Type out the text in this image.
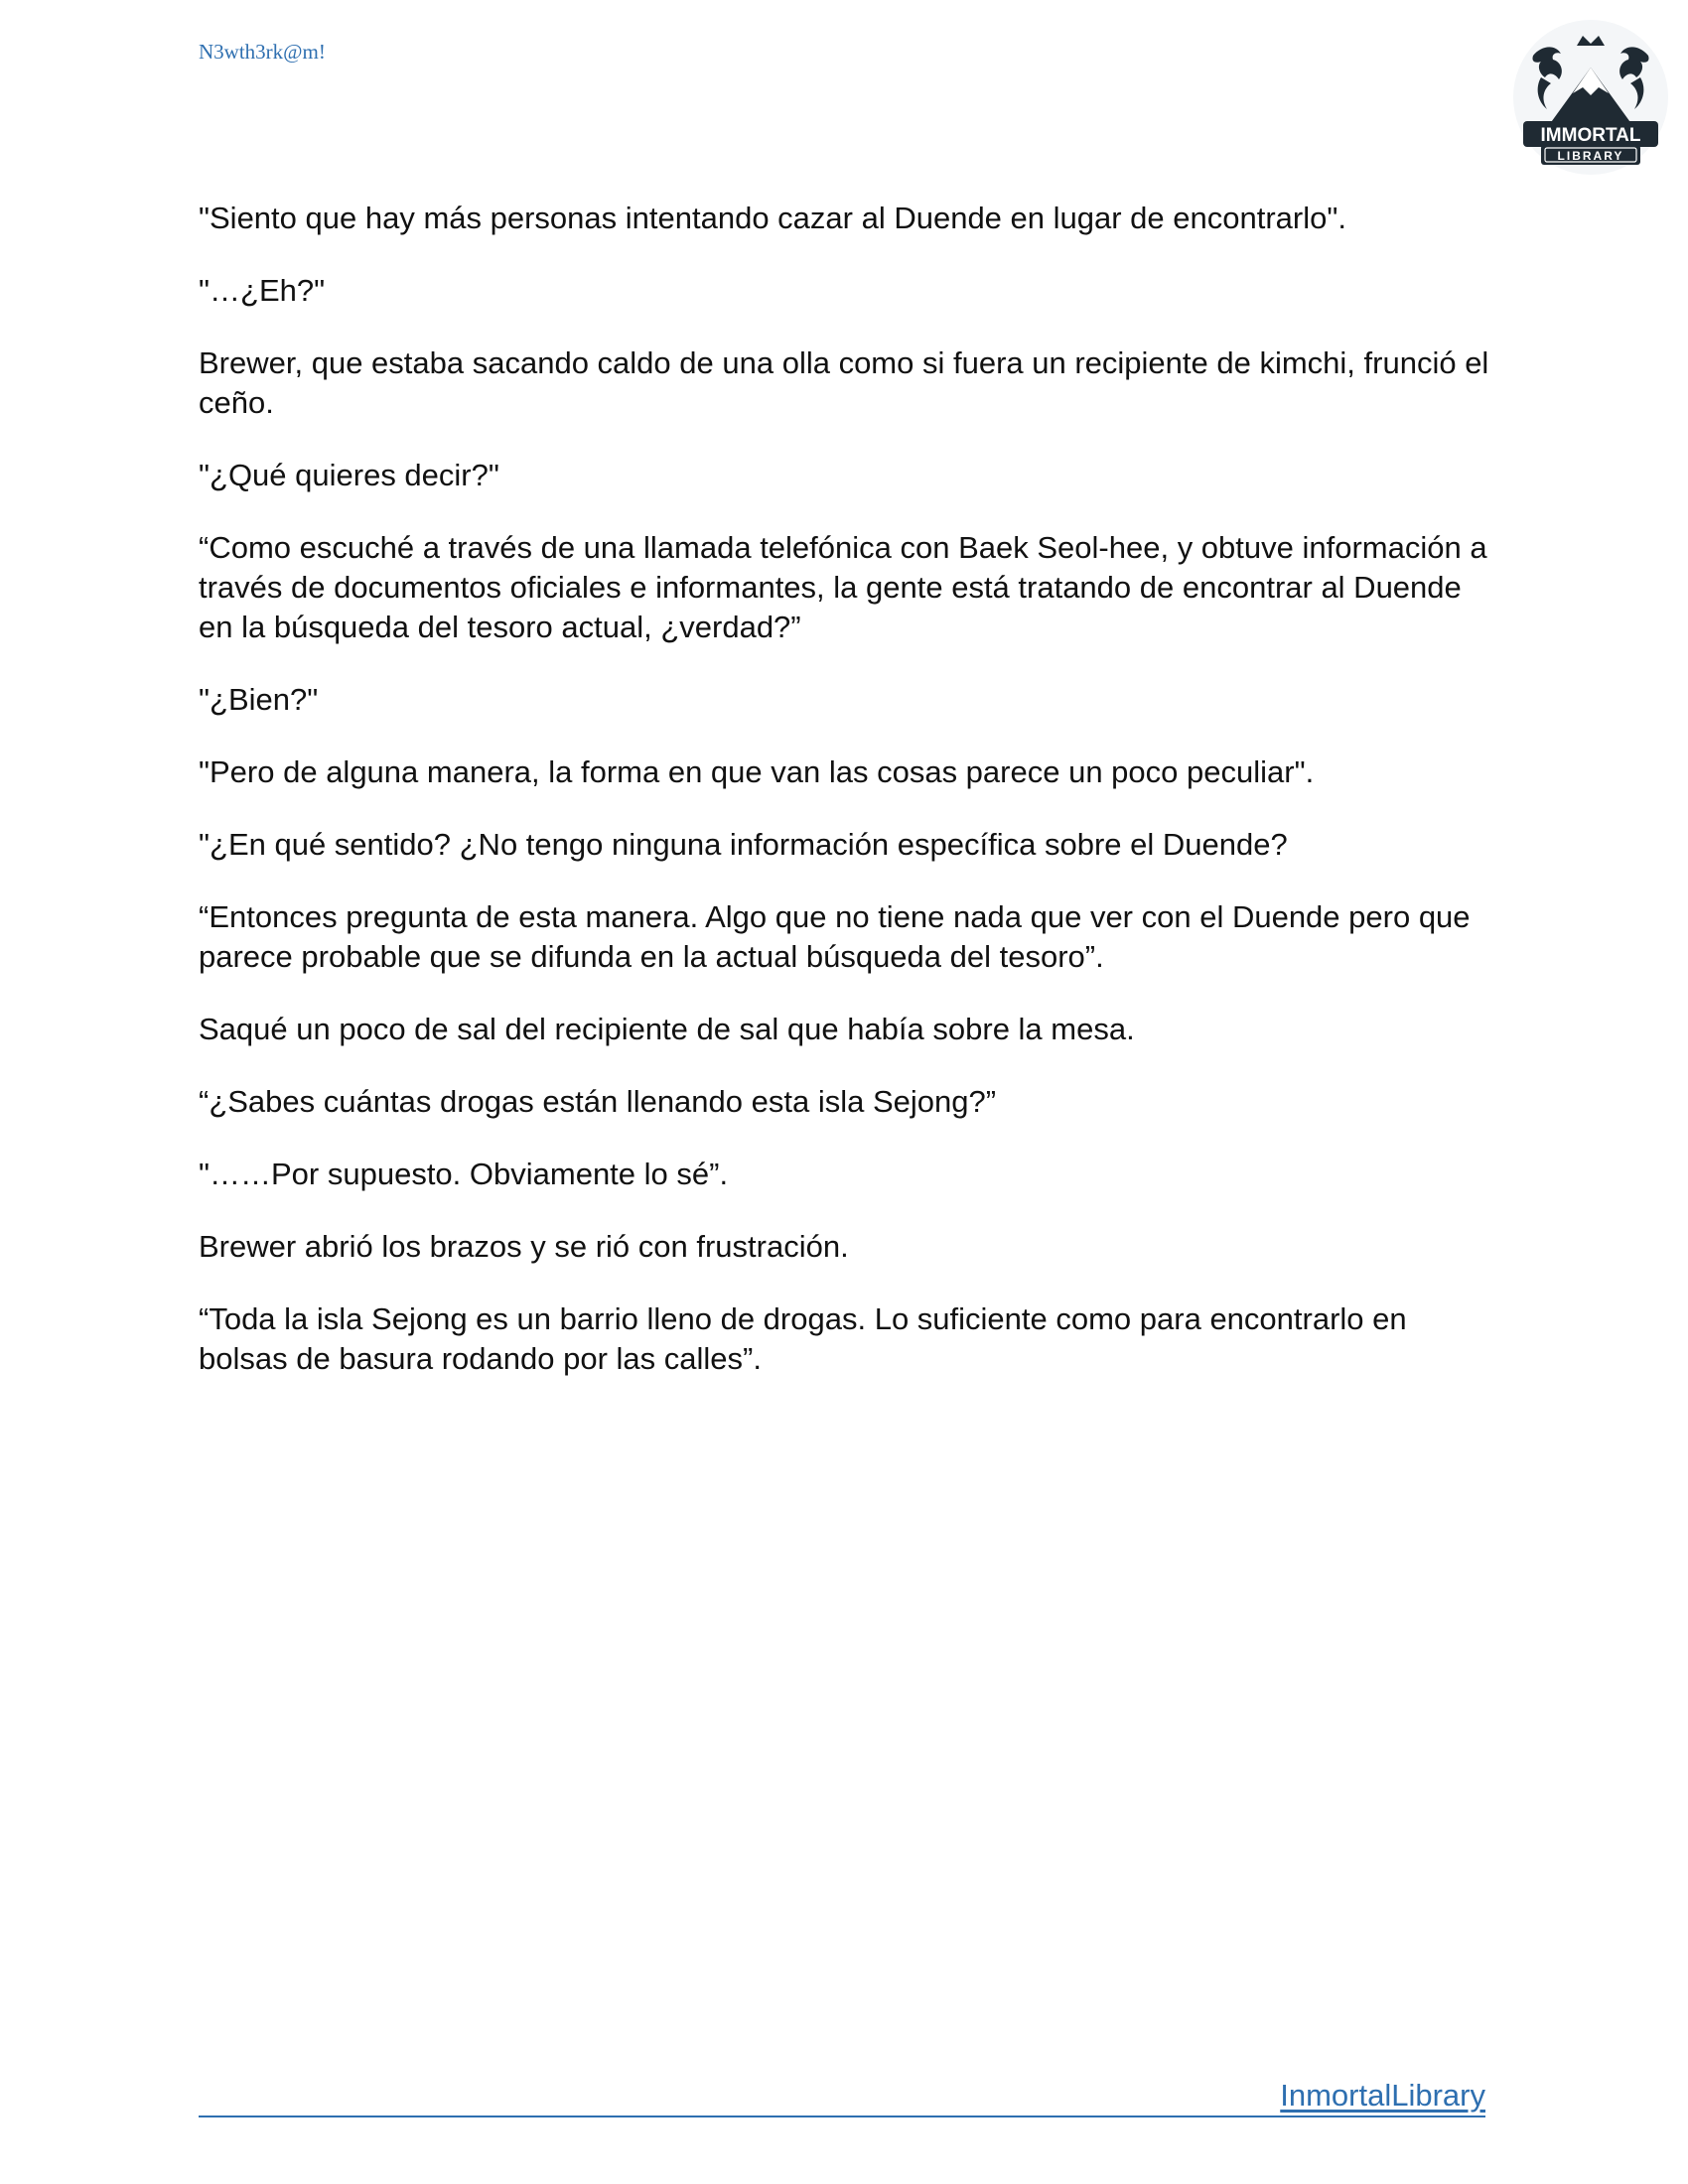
N3wth3rk@m!
IMMORTAL
LIBRARY

"Siento que hay más personas intentando cazar al Duende en lugar de encontrarlo".

"…¿Eh?"

Brewer, que estaba sacando caldo de una olla como si fuera un recipiente de kimchi, frunció el ceño.

"¿Qué quieres decir?"

“Como escuché a través de una llamada telefónica con Baek Seol-hee, y obtuve información a través de documentos oficiales e informantes, la gente está tratando de encontrar al Duende en la búsqueda del tesoro actual, ¿verdad?”

"¿Bien?"

"Pero de alguna manera, la forma en que van las cosas parece un poco peculiar".

"¿En qué sentido? ¿No tengo ninguna información específica sobre el Duende?

“Entonces pregunta de esta manera. Algo que no tiene nada que ver con el Duende pero que parece probable que se difunda en la actual búsqueda del tesoro”.

Saqué un poco de sal del recipiente de sal que había sobre la mesa.

“¿Sabes cuántas drogas están llenando esta isla Sejong?”

"……Por supuesto. Obviamente lo sé”.

Brewer abrió los brazos y se rió con frustración.

“Toda la isla Sejong es un barrio lleno de drogas. Lo suficiente como para encontrarlo en bolsas de basura rodando por las calles”.

InmortalLibrary
